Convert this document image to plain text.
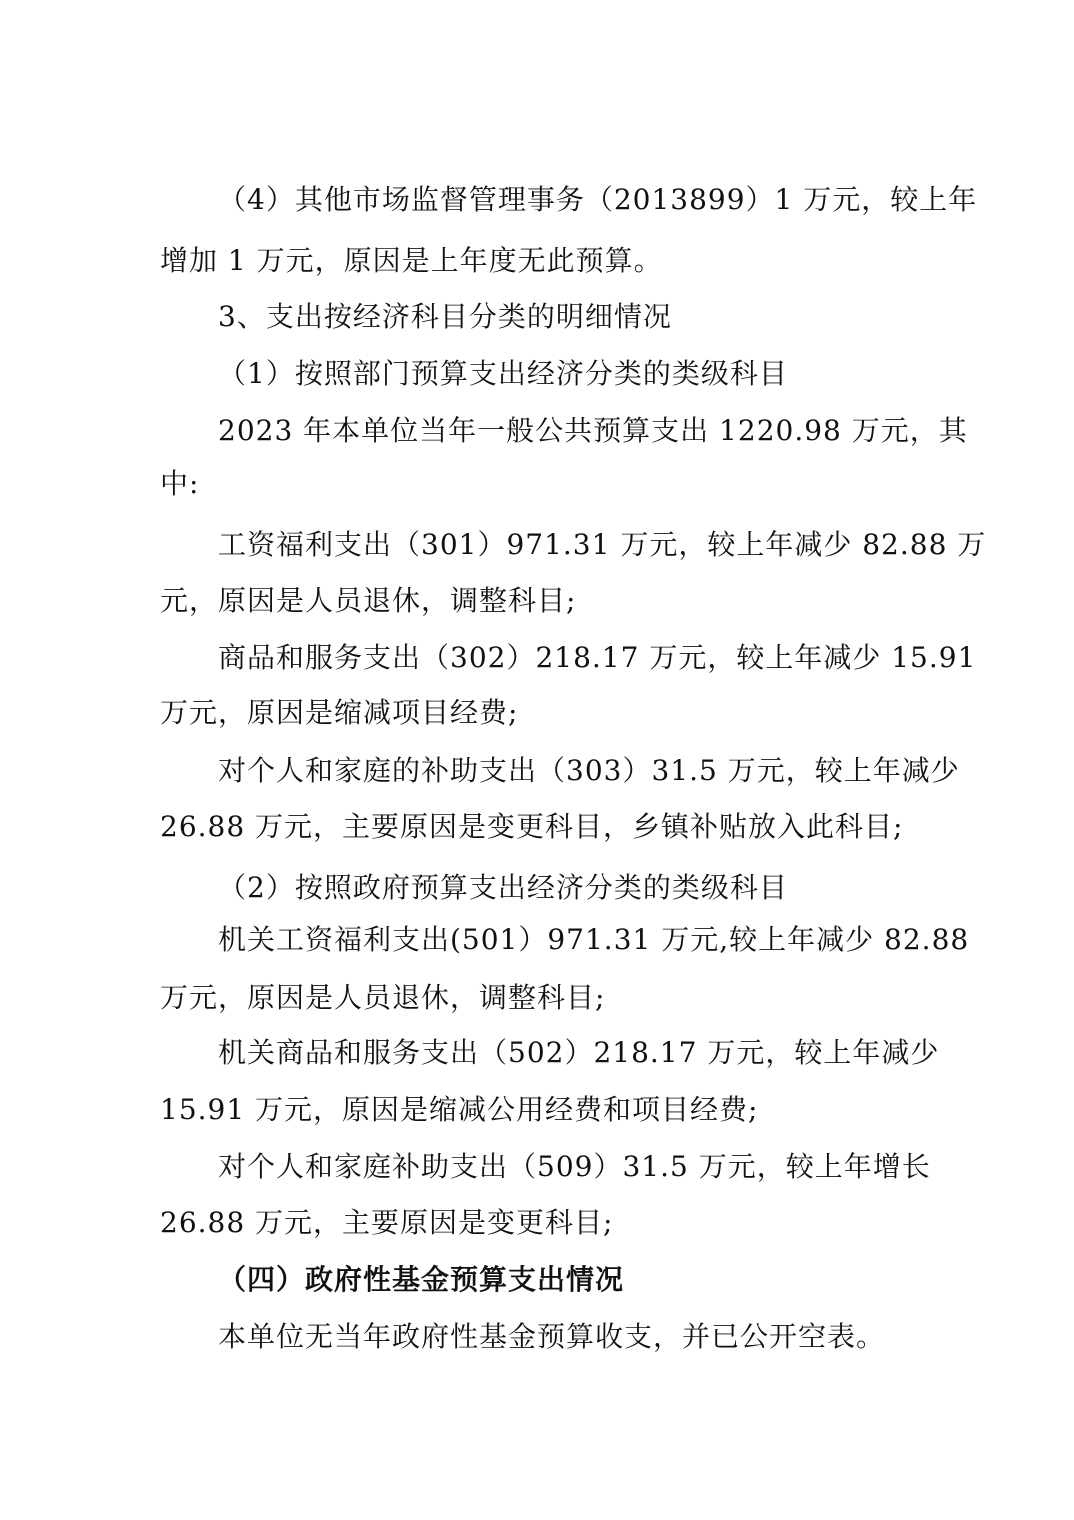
（4）其他市场监督管理事务（2013899）1 万元，较上年
增加 1 万元，原因是上年度无此预算。
3、支出按经济科目分类的明细情况
（1）按照部门预算支出经济分类的类级科目
2023 年本单位当年一般公共预算支出 1220.98 万元，其
中:
工资福利支出（301）971.31 万元，较上年减少 82.88 万
元，原因是人员退休，调整科目;
商品和服务支出（302）218.17 万元，较上年减少 15.91
万元，原因是缩减项目经费;
对个人和家庭的补助支出（303）31.5 万元，较上年减少
26.88 万元，主要原因是变更科目，乡镇补贴放入此科目;
（2）按照政府预算支出经济分类的类级科目
机关工资福利支出(501）971.31 万元,较上年减少 82.88
万元，原因是人员退休，调整科目;
机关商品和服务支出（502）218.17 万元，较上年减少
15.91 万元，原因是缩减公用经费和项目经费;
对个人和家庭补助支出（509）31.5 万元，较上年增长
26.88 万元，主要原因是变更科目;
（四）政府性基金预算支出情况
本单位无当年政府性基金预算收支，并已公开空表。
